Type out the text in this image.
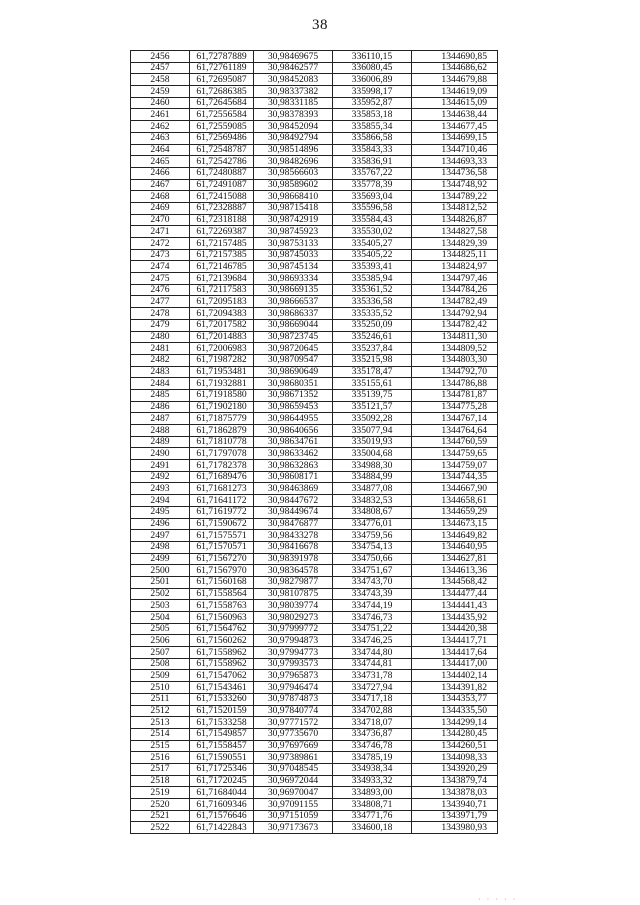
38
2456	61,72787889	30,98469675	336110,15	1344690,85
2457	61,72761189	30,98462577	336080,45	1344686,62
2458	61,72695087	30,98452083	336006,89	1344679,88
2459	61,72686385	30,98337382	335998,17	1344619,09
2460	61,72645684	30,98331185	335952,87	1344615,09
2461	61,72556584	30,98378393	335853,18	1344638,44
2462	61,72559085	30,98452094	335855,34	1344677,45
2463	61,72569486	30,98492794	335866,58	1344699,15
2464	61,72548787	30,98514896	335843,33	1344710,46
2465	61,72542786	30,98482696	335836,91	1344693,33
2466	61,72480887	30,98566603	335767,22	1344736,58
2467	61,72491087	30,98589602	335778,39	1344748,92
2468	61,72415088	30,98668410	335693,04	1344789,22
2469	61,72328887	30,98715418	335596,58	1344812,52
2470	61,72318188	30,98742919	335584,43	1344826,87
2471	61,72269387	30,98745923	335530,02	1344827,58
2472	61,72157485	30,98753133	335405,27	1344829,39
2473	61,72157385	30,98745033	335405,22	1344825,11
2474	61,72146785	30,98745134	335393,41	1344824,97
2475	61,72139684	30,98693334	335385,94	1344797,46
2476	61,72117583	30,98669135	335361,52	1344784,26
2477	61,72095183	30,98666537	335336,58	1344782,49
2478	61,72094383	30,98686337	335335,52	1344792,94
2479	61,72017582	30,98669044	335250,09	1344782,42
2480	61,72014883	30,98723745	335246,61	1344811,30
2481	61,72006983	30,98720645	335237,84	1344809,52
2482	61,71987282	30,98709547	335215,98	1344803,30
2483	61,71953481	30,98690649	335178,47	1344792,70
2484	61,71932881	30,98680351	335155,61	1344786,88
2485	61,71918580	30,98671352	335139,75	1344781,87
2486	61,71902180	30,98659453	335121,57	1344775,28
2487	61,71875779	30,98644955	335092,28	1344767,14
2488	61,71862879	30,98640656	335077,94	1344764,64
2489	61,71810778	30,98634761	335019,93	1344760,59
2490	61,71797078	30,98633462	335004,68	1344759,65
2491	61,71782378	30,98632863	334988,30	1344759,07
2492	61,71689476	30,98608171	334884,99	1344744,35
2493	61,71681273	30,98463869	334877,08	1344667,90
2494	61,71641172	30,98447672	334832,53	1344658,61
2495	61,71619772	30,98449674	334808,67	1344659,29
2496	61,71590672	30,98476877	334776,01	1344673,15
2497	61,71575571	30,98433278	334759,56	1344649,82
2498	61,71570571	30,98416678	334754,13	1344640,95
2499	61,71567270	30,98391978	334750,66	1344627,81
2500	61,71567970	30,98364578	334751,67	1344613,36
2501	61,71560168	30,98279877	334743,70	1344568,42
2502	61,71558564	30,98107875	334743,39	1344477,44
2503	61,71558763	30,98039774	334744,19	1344441,43
2504	61,71560963	30,98029273	334746,73	1344435,92
2505	61,71564762	30,97999772	334751,22	1344420,38
2506	61,71560262	30,97994873	334746,25	1344417,71
2507	61,71558962	30,97994773	334744,80	1344417,64
2508	61,71558962	30,97993573	334744,81	1344417,00
2509	61,71547062	30,97965873	334731,78	1344402,14
2510	61,71543461	30,97946474	334727,94	1344391,82
2511	61,71533260	30,97874873	334717,18	1344353,77
2512	61,71520159	30,97840774	334702,88	1344335,50
2513	61,71533258	30,97771572	334718,07	1344299,14
2514	61,71549857	30,97735670	334736,87	1344280,45
2515	61,71558457	30,97697669	334746,78	1344260,51
2516	61,71590551	30,97389861	334785,19	1344098,33
2517	61,71725346	30,97048545	334938,34	1343920,29
2518	61,71720245	30,96972044	334933,32	1343879,74
2519	61,71684044	30,96970047	334893,00	1343878,03
2520	61,71609346	30,97091155	334808,71	1343940,71
2521	61,71576646	30,97151059	334771,76	1343971,79
2522	61,71422843	30,97173673	334600,18	1343980,93
· · · · ·
